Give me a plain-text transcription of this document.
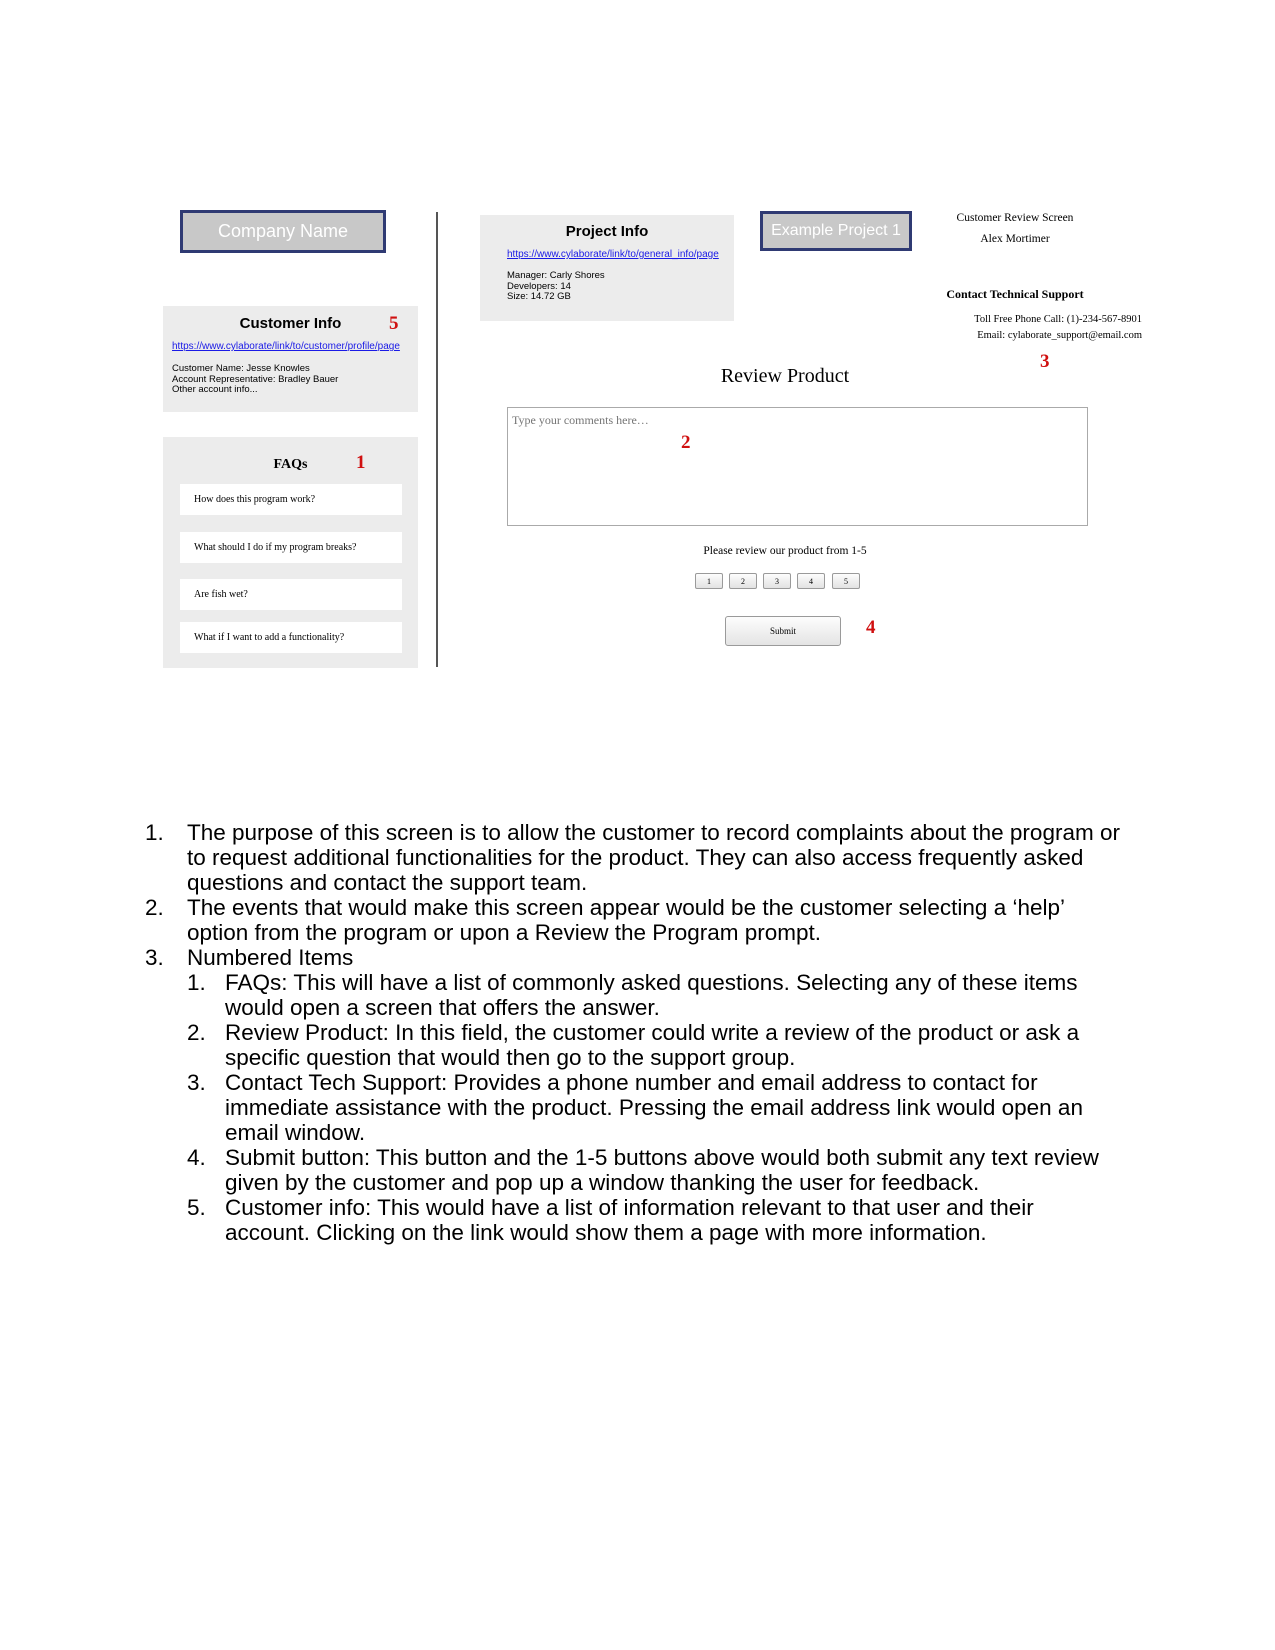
Company Name
Customer Info
https://www.cylaborate/link/to/customer/profile/page
Customer Name: Jesse Knowles
Account Representative: Bradley Bauer
Other account info...
5
FAQs
How does this program work?
What should I do if my program breaks?
Are fish wet?
What if I want to add a functionality?
1
Project Info
https://www.cylaborate/link/to/general_info/page
Manager: Carly Shores
Developers: 14
Size: 14.72 GB
Example Project 1
Customer Review Screen
Alex Mortimer
Contact Technical Support
Toll Free Phone Call: (1)-234-567-8901
Email: cylaborate_support@email.com
3
Review Product
Type your comments here…
2
Please review our product from 1-5
1	2	3	4	5
Submit	4
1. The purpose of this screen is to allow the customer to record complaints about the program or to request additional functionalities for the product. They can also access frequently asked questions and contact the support team.
2. The events that would make this screen appear would be the customer selecting a ‘help’ option from the program or upon a Review the Program prompt.
3. Numbered Items
1. FAQs: This will have a list of commonly asked questions. Selecting any of these items would open a screen that offers the answer.
2. Review Product: In this field, the customer could write a review of the product or ask a specific question that would then go to the support group.
3. Contact Tech Support: Provides a phone number and email address to contact for immediate assistance with the product. Pressing the email address link would open an email window.
4. Submit button: This button and the 1-5 buttons above would both submit any text review given by the customer and pop up a window thanking the user for feedback.
5. Customer info: This would have a list of information relevant to that user and their account. Clicking on the link would show them a page with more information.
